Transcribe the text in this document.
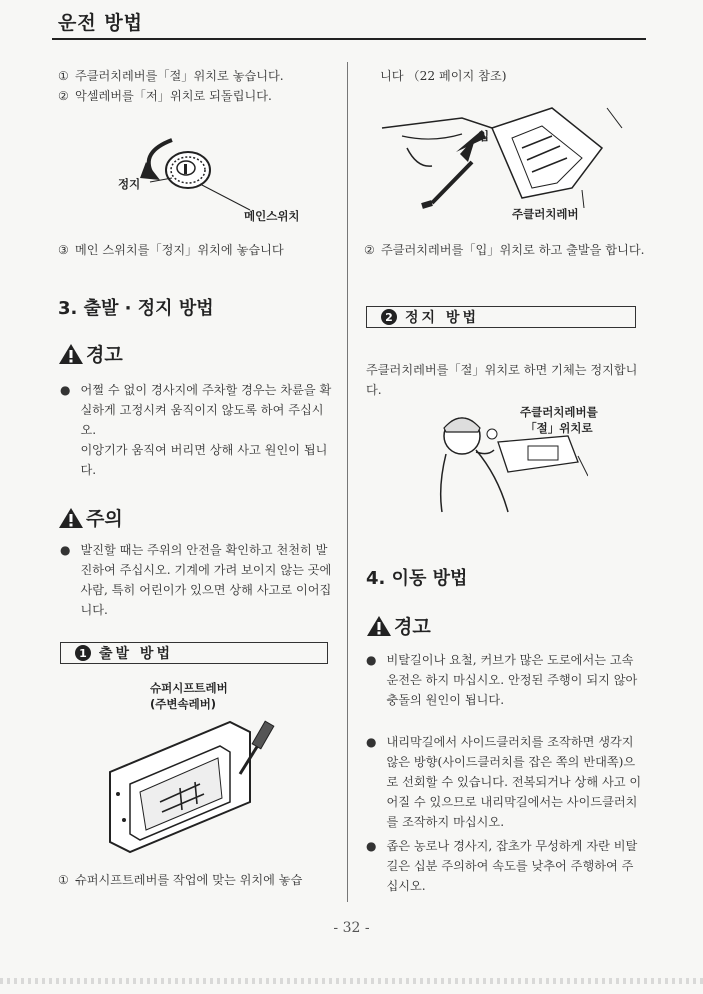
운전 방법
① 주클러치레버를「절」위치로 놓습니다.
② 악셀레버를「저」위치로 되돌립니다.
정지
메인스위치
③ 메인 스위치를「정지」위치에 놓습니다
3. 출발 · 정지 방법
경고
● 어쩔 수 없이 경사지에 주차할 경우는 차륜을 확실하게 고정시켜 움직이지 않도록 하여 주십시오.
이앙기가 움직여 버리면 상해 사고 원인이 됩니다.
주의
● 발진할 때는 주위의 안전을 확인하고 천천히 발진하여 주십시오. 기계에 가려 보이지 않는 곳에 사람, 특히 어린이가 있으면 상해 사고로 이어집니다.
1 출발 방법
슈퍼시프트레버
(주변속레버)
① 슈퍼시프트레버를 작업에 맞는 위치에 놓습
니다 （22 페이지 참조)
입
주클러치레버
② 주클러치레버를「입」위치로 하고 출발을 합니다.
2 정지 방법
주클러치레버를「절」위치로 하면 기체는 정지합니다.
주클러치레버를
「절」위치로
4. 이동 방법
경고
● 비탈길이나 요철, 커브가 많은 도로에서는 고속 운전은 하지 마십시오. 안정된 주행이 되지 않아 충돌의 원인이 됩니다.
● 내리막길에서 사이드클러치를 조작하면 생각지 않은 방향(사이드클러치를 잡은 쪽의 반대쪽)으로 선회할 수 있습니다. 전복되거나 상해 사고 이어질 수 있으므로 내리막길에서는 사이드클러치를 조작하지 마십시오.
● 좁은 농로나 경사지, 잡초가 무성하게 자란 비탈길은 십분 주의하여 속도를 낮추어 주행하여 주십시오.
- 32 -
